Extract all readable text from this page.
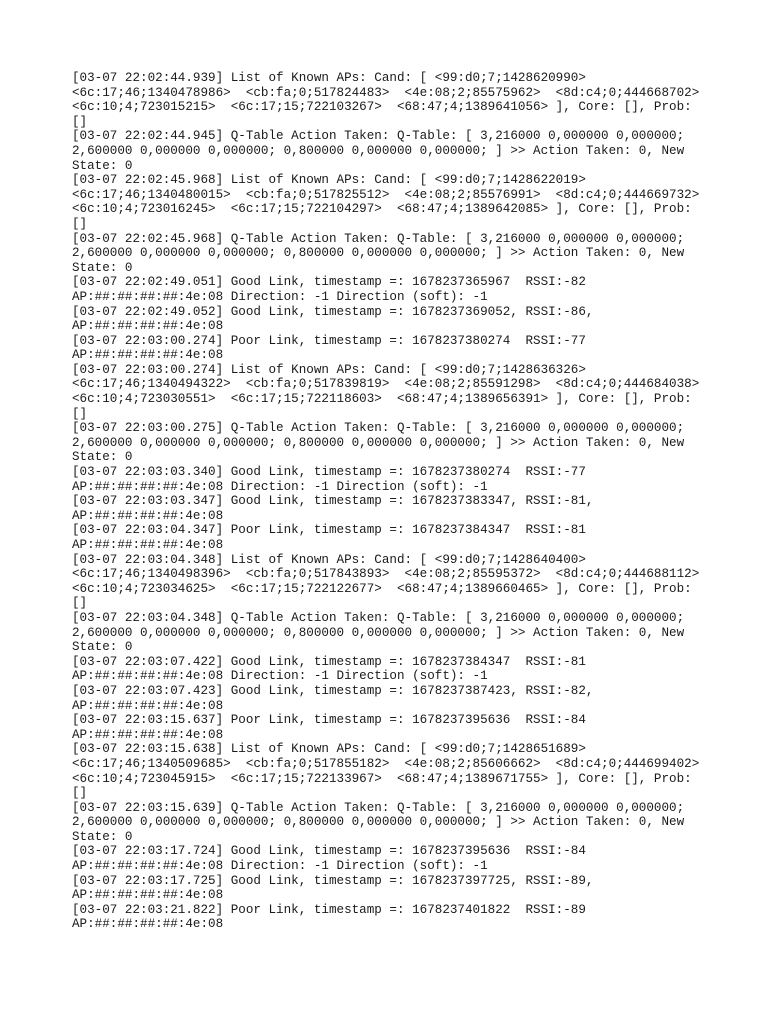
[03-07 22:02:44.939] List of Known APs: Cand: [ <99:d0;7;1428620990>
<6c:17;46;1340478986>  <cb:fa;0;517824483>  <4e:08;2;85575962>  <8d:c4;0;444668702>
<6c:10;4;723015215>  <6c:17;15;722103267>  <68:47;4;1389641056> ], Core: [], Prob:
[]
[03-07 22:02:44.945] Q-Table Action Taken: Q-Table: [ 3,216000 0,000000 0,000000;
2,600000 0,000000 0,000000; 0,800000 0,000000 0,000000; ] >> Action Taken: 0, New
State: 0
[03-07 22:02:45.968] List of Known APs: Cand: [ <99:d0;7;1428622019>
<6c:17;46;1340480015>  <cb:fa;0;517825512>  <4e:08;2;85576991>  <8d:c4;0;444669732>
<6c:10;4;723016245>  <6c:17;15;722104297>  <68:47;4;1389642085> ], Core: [], Prob:
[]
[03-07 22:02:45.968] Q-Table Action Taken: Q-Table: [ 3,216000 0,000000 0,000000;
2,600000 0,000000 0,000000; 0,800000 0,000000 0,000000; ] >> Action Taken: 0, New
State: 0
[03-07 22:02:49.051] Good Link, timestamp =: 1678237365967  RSSI:-82
AP:##:##:##:##:4e:08 Direction: -1 Direction (soft): -1
[03-07 22:02:49.052] Good Link, timestamp =: 1678237369052, RSSI:-86,
AP:##:##:##:##:4e:08
[03-07 22:03:00.274] Poor Link, timestamp =: 1678237380274  RSSI:-77
AP:##:##:##:##:4e:08
[03-07 22:03:00.274] List of Known APs: Cand: [ <99:d0;7;1428636326>
<6c:17;46;1340494322>  <cb:fa;0;517839819>  <4e:08;2;85591298>  <8d:c4;0;444684038>
<6c:10;4;723030551>  <6c:17;15;722118603>  <68:47;4;1389656391> ], Core: [], Prob:
[]
[03-07 22:03:00.275] Q-Table Action Taken: Q-Table: [ 3,216000 0,000000 0,000000;
2,600000 0,000000 0,000000; 0,800000 0,000000 0,000000; ] >> Action Taken: 0, New
State: 0
[03-07 22:03:03.340] Good Link, timestamp =: 1678237380274  RSSI:-77
AP:##:##:##:##:4e:08 Direction: -1 Direction (soft): -1
[03-07 22:03:03.347] Good Link, timestamp =: 1678237383347, RSSI:-81,
AP:##:##:##:##:4e:08
[03-07 22:03:04.347] Poor Link, timestamp =: 1678237384347  RSSI:-81
AP:##:##:##:##:4e:08
[03-07 22:03:04.348] List of Known APs: Cand: [ <99:d0;7;1428640400>
<6c:17;46;1340498396>  <cb:fa;0;517843893>  <4e:08;2;85595372>  <8d:c4;0;444688112>
<6c:10;4;723034625>  <6c:17;15;722122677>  <68:47;4;1389660465> ], Core: [], Prob:
[]
[03-07 22:03:04.348] Q-Table Action Taken: Q-Table: [ 3,216000 0,000000 0,000000;
2,600000 0,000000 0,000000; 0,800000 0,000000 0,000000; ] >> Action Taken: 0, New
State: 0
[03-07 22:03:07.422] Good Link, timestamp =: 1678237384347  RSSI:-81
AP:##:##:##:##:4e:08 Direction: -1 Direction (soft): -1
[03-07 22:03:07.423] Good Link, timestamp =: 1678237387423, RSSI:-82,
AP:##:##:##:##:4e:08
[03-07 22:03:15.637] Poor Link, timestamp =: 1678237395636  RSSI:-84
AP:##:##:##:##:4e:08
[03-07 22:03:15.638] List of Known APs: Cand: [ <99:d0;7;1428651689>
<6c:17;46;1340509685>  <cb:fa;0;517855182>  <4e:08;2;85606662>  <8d:c4;0;444699402>
<6c:10;4;723045915>  <6c:17;15;722133967>  <68:47;4;1389671755> ], Core: [], Prob:
[]
[03-07 22:03:15.639] Q-Table Action Taken: Q-Table: [ 3,216000 0,000000 0,000000;
2,600000 0,000000 0,000000; 0,800000 0,000000 0,000000; ] >> Action Taken: 0, New
State: 0
[03-07 22:03:17.724] Good Link, timestamp =: 1678237395636  RSSI:-84
AP:##:##:##:##:4e:08 Direction: -1 Direction (soft): -1
[03-07 22:03:17.725] Good Link, timestamp =: 1678237397725, RSSI:-89,
AP:##:##:##:##:4e:08
[03-07 22:03:21.822] Poor Link, timestamp =: 1678237401822  RSSI:-89
AP:##:##:##:##:4e:08
